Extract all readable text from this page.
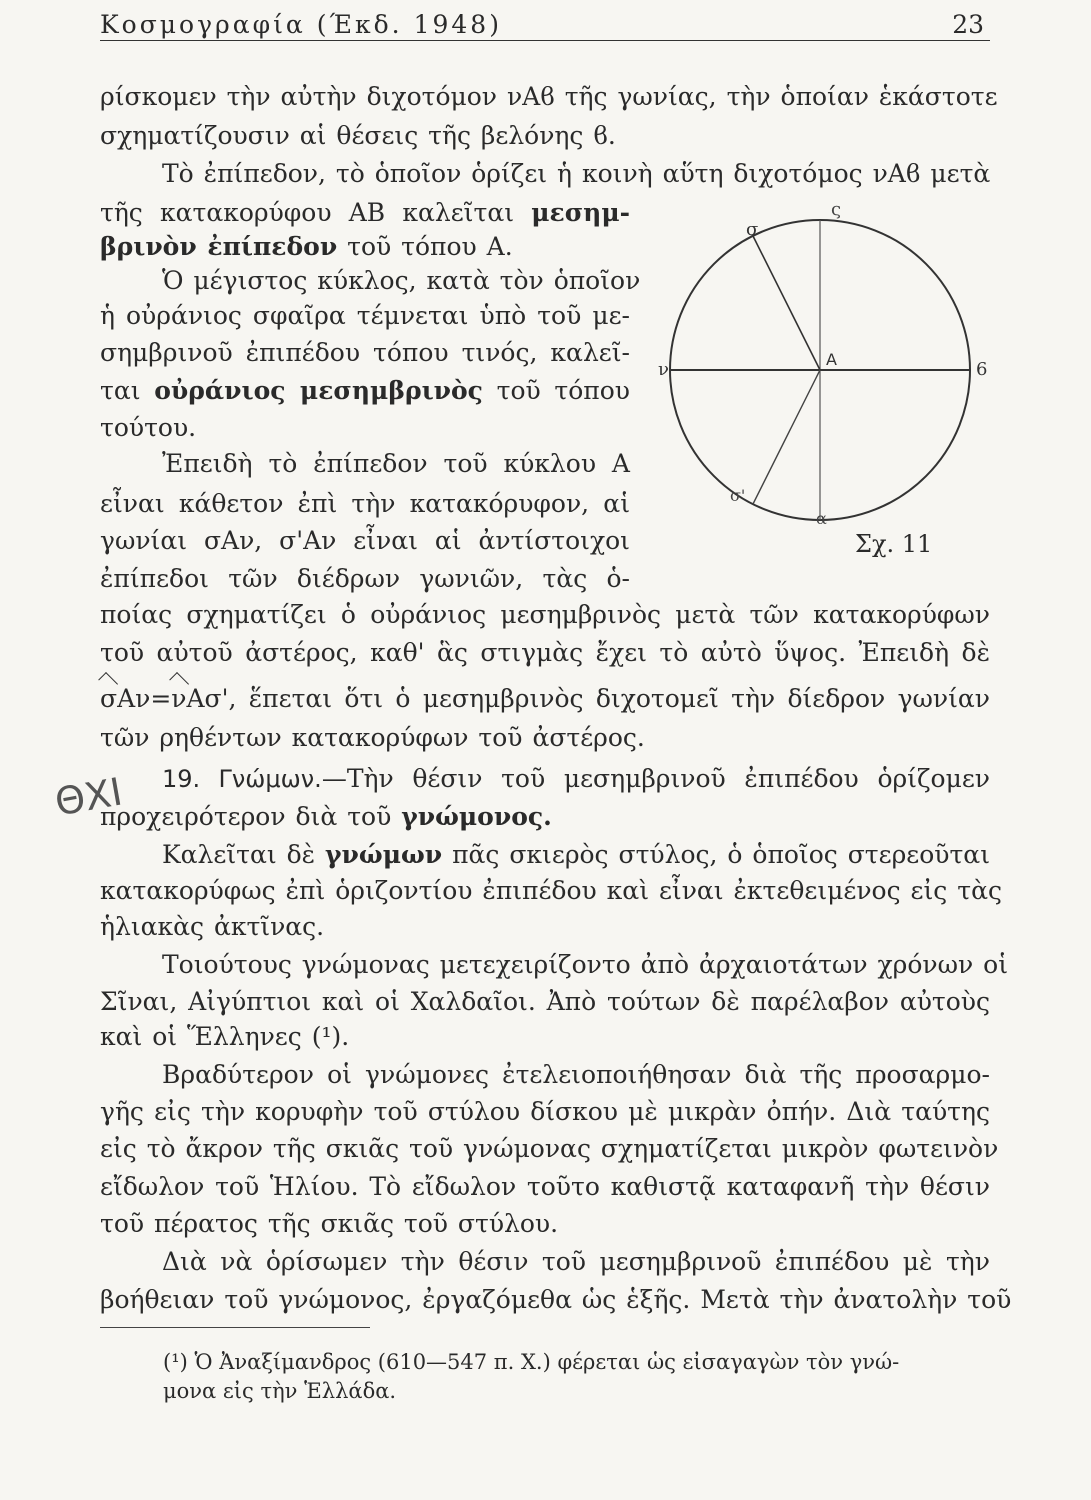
Κοσμογραφία (Έκδ. 1948)	23
ρίσκομεν τὴν αὐτὴν διχοτόμον νΑϐ τῆς γωνίας, τὴν ὁποίαν ἑκάστοτε
σχηματίζουσιν αἱ θέσεις τῆς βελόνης ϐ.
Τὸ ἐπίπεδον, τὸ ὁποῖον ὁρίζει ἡ κοινὴ αὕτη διχοτόμος νΑϐ μετὰ
τῆς κατακορύφου ΑΒ καλεῖται μεσημ-
βρινὸν ἐπίπεδον τοῦ τόπου Α.
Ὁ μέγιστος κύκλος, κατὰ τὸν ὁποῖον
ἡ οὐράνιος σφαῖρα τέμνεται ὑπὸ τοῦ με-
σημβρινοῦ ἐπιπέδου τόπου τινός, καλεῖ-
ται οὐράνιος μεσημβρινὸς τοῦ τόπου
τούτου.
Ἐπειδὴ τὸ ἐπίπεδον τοῦ κύκλου Α
εἶναι κάθετον ἐπὶ τὴν κατακόρυφον, αἱ
γωνίαι σΑν, σ'Αν εἶναι αἱ ἀντίστοιχοι
ἐπίπεδοι τῶν διέδρων γωνιῶν, τὰς ὁ-
ς
σ
ν	Α	6
σ'
α
Σχ. 11
ποίας σχηματίζει ὁ οὐράνιος μεσημβρινὸς μετὰ τῶν κατακορύφων
τοῦ αὐτοῦ ἀστέρος, καθ' ἃς στιγμὰς ἔχει τὸ αὐτὸ ὕψος. Ἐπειδὴ δὲ
σΑν=νΑσ', ἕπεται ὅτι ὁ μεσημβρινὸς διχοτομεῖ τὴν δίεδρον γωνίαν
τῶν ρηθέντων κατακορύφων τοῦ ἀστέρος.
ΘΧΙ	19. Γνώμων.—Τὴν θέσιν τοῦ μεσημβρινοῦ ἐπιπέδου ὁρίζομεν
προχειρότερον διὰ τοῦ γνώμονος.
Καλεῖται δὲ γνώμων πᾶς σκιερὸς στύλος, ὁ ὁποῖος στερεοῦται
κατακορύφως ἐπὶ ὁριζοντίου ἐπιπέδου καὶ εἶναι ἐκτεθειμένος εἰς τὰς
ἡλιακὰς ἀκτῖνας.
Τοιούτους γνώμονας μετεχειρίζοντο ἀπὸ ἀρχαιοτάτων χρόνων οἱ
Σῖναι, Αἰγύπτιοι καὶ οἱ Χαλδαῖοι. Ἀπὸ τούτων δὲ παρέλαβον αὐτοὺς
καὶ οἱ Ἕλληνες (¹).
Βραδύτερον οἱ γνώμονες ἐτελειοποιήθησαν διὰ τῆς προσαρμο-
γῆς εἰς τὴν κορυφὴν τοῦ στύλου δίσκου μὲ μικρὰν ὀπήν. Διὰ ταύτης
εἰς τὸ ἄκρον τῆς σκιᾶς τοῦ γνώμονας σχηματίζεται μικρὸν φωτεινὸν
εἴδωλον τοῦ Ἡλίου. Τὸ εἴδωλον τοῦτο καθιστᾷ καταφανῆ τὴν θέσιν
τοῦ πέρατος τῆς σκιᾶς τοῦ στύλου.
Διὰ νὰ ὁρίσωμεν τὴν θέσιν τοῦ μεσημβρινοῦ ἐπιπέδου μὲ τὴν
βοήθειαν τοῦ γνώμονος, ἐργαζόμεθα ὡς ἑξῆς. Μετὰ τὴν ἀνατολὴν τοῦ
(¹) Ὁ Ἀναξίμανδρος (610—547 π. Χ.) φέρεται ὡς εἰσαγαγὼν τὸν γνώ-
μονα εἰς τὴν Ἑλλάδα.
